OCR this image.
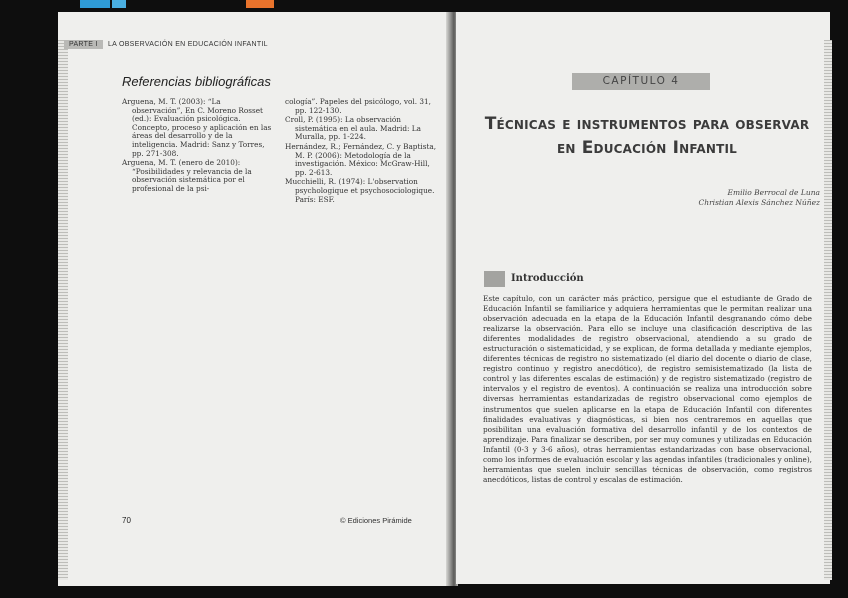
PARTE I LA OBSERVACIÓN EN EDUCACIÓN INFANTIL
Referencias bibliográficas

Arguena, M. T. (2003): “La observación”, En C. Moreno Rosset (ed.): Evaluación psicológica. Concepto, proceso y aplicación en las áreas del desarrollo y de la inteligencia. Madrid: Sanz y Torres, pp. 271-308.

Arguena, M. T. (enero de 2010): “Posibilidades y relevancia de la observación sistemática por el profesional de la psi-

cología”. Papeles del psicólogo, vol. 31, pp. 122-130.

Croll, P. (1995): La observación sistemática en el aula. Madrid: La Muralla, pp. 1-224.

Hernández, R.; Fernández, C. y Baptista, M. P. (2006): Metodología de la investigación. México: McGraw-Hill, pp. 2-613.

Mucchielli, R. (1974): L'observation psychologique et psychosociologique. París: ESF.

70	© Ediciones Pirámide
CAPÍTULO 4
Técnicas e instrumentos para observar
en Educación Infantil
Emilio Berrocal de Luna
Christian Alexis Sánchez Núñez
Introducción
Este capítulo, con un carácter más práctico, persigue que el estudiante de Grado de Educación Infantil se familiarice y adquiera herramientas que le permitan realizar una observación adecuada en la etapa de la Educación Infantil desgranando cómo debe realizarse la observación. Para ello se incluye una clasificación descriptiva de las diferentes modalidades de registro observacional, atendiendo a su grado de estructuración o sistematicidad, y se explican, de forma detallada y mediante ejemplos, diferentes técnicas de registro no sistematizado (el diario del docente o diario de clase, registro continuo y registro anecdótico), de registro semisistematizado (la lista de control y las diferentes escalas de estimación) y de registro sistematizado (registro de intervalos y el registro de eventos). A continuación se realiza una introducción sobre diversas herramientas estandarizadas de registro observacional como ejemplos de instrumentos que suelen aplicarse en la etapa de Educación Infantil con diferentes finalidades evaluativas y diagnósticas, si bien nos centraremos en aquellas que posibilitan una evaluación formativa del desarrollo infantil y de los contextos de aprendizaje. Para finalizar se describen, por ser muy comunes y utilizadas en Educación Infantil (0-3 y 3-6 años), otras herramientas estandarizadas con base observacional, como los informes de evaluación escolar y las agendas infantiles (tradicionales y online), herramientas que suelen incluir sencillas técnicas de observación, como registros anecdóticos, listas de control y escalas de estimación.
